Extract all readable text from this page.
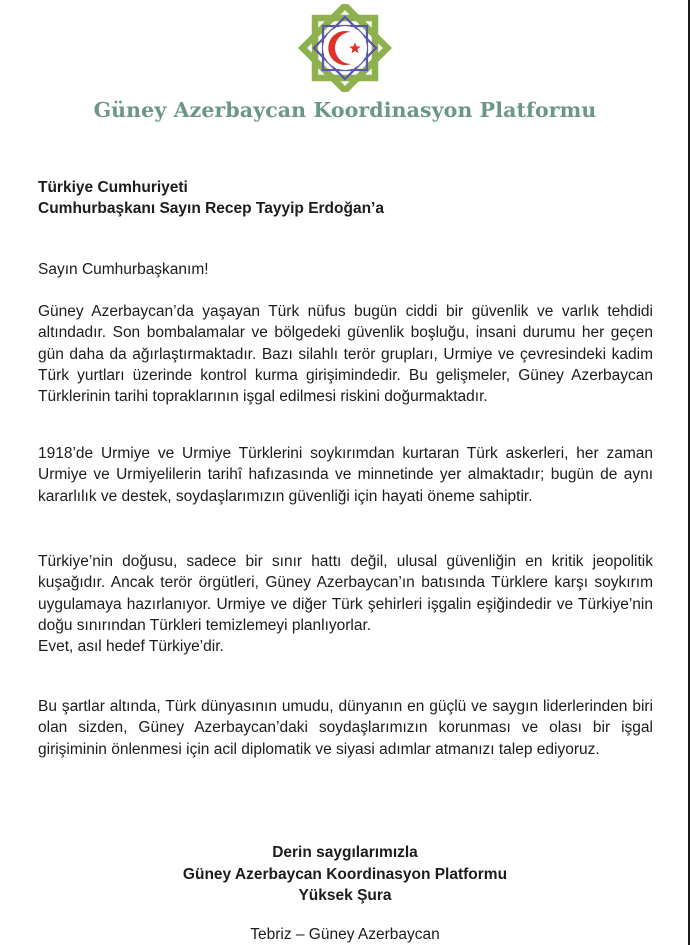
Güney Azerbaycan Koordinasyon Platformu
Türkiye Cumhuriyeti
Cumhurbaşkanı Sayın Recep Tayyip Erdoğan’a
Sayın Cumhurbaşkanım!

Güney Azerbaycan’da yaşayan Türk nüfus bugün ciddi bir güvenlik ve varlık tehdidi altındadır. Son bombalamalar ve bölgedeki güvenlik boşluğu, insani durumu her geçen gün daha da ağırlaştırmaktadır. Bazı silahlı terör grupları, Urmiye ve çevresindeki kadim Türk yurtları üzerinde kontrol kurma girişimindedir. Bu gelişmeler, Güney Azerbaycan Türklerinin tarihi topraklarının işgal edilmesi riskini doğurmaktadır.

1918’de Urmiye ve Urmiye Türklerini soykırımdan kurtaran Türk askerleri, her zaman Urmiye ve Urmiyelilerin tarihî hafızasında ve minnetinde yer almaktadır; bugün de aynı kararlılık ve destek, soydaşlarımızın güvenliği için hayati öneme sahiptir.

Türkiye’nin doğusu, sadece bir sınır hattı değil, ulusal güvenliğin en kritik jeopolitik kuşağıdır. Ancak terör örgütleri, Güney Azerbaycan’ın batısında Türklere karşı soykırım uygulamaya hazırlanıyor. Urmiye ve diğer Türk şehirleri işgalin eşiğindedir ve Türkiye’nin doğu sınırından Türkleri temizlemeyi planlıyorlar.

Evet, asıl hedef Türkiye’dir.

Bu şartlar altında, Türk dünyasının umudu, dünyanın en güçlü ve saygın liderlerinden biri olan sizden, Güney Azerbaycan’daki soydaşlarımızın korunması ve olası bir işgal girişiminin önlenmesi için acil diplomatik ve siyasi adımlar atmanızı talep ediyoruz.

Derin saygılarımızla
Güney Azerbaycan Koordinasyon Platformu
Yüksek Şura
Tebriz – Güney Azerbaycan
